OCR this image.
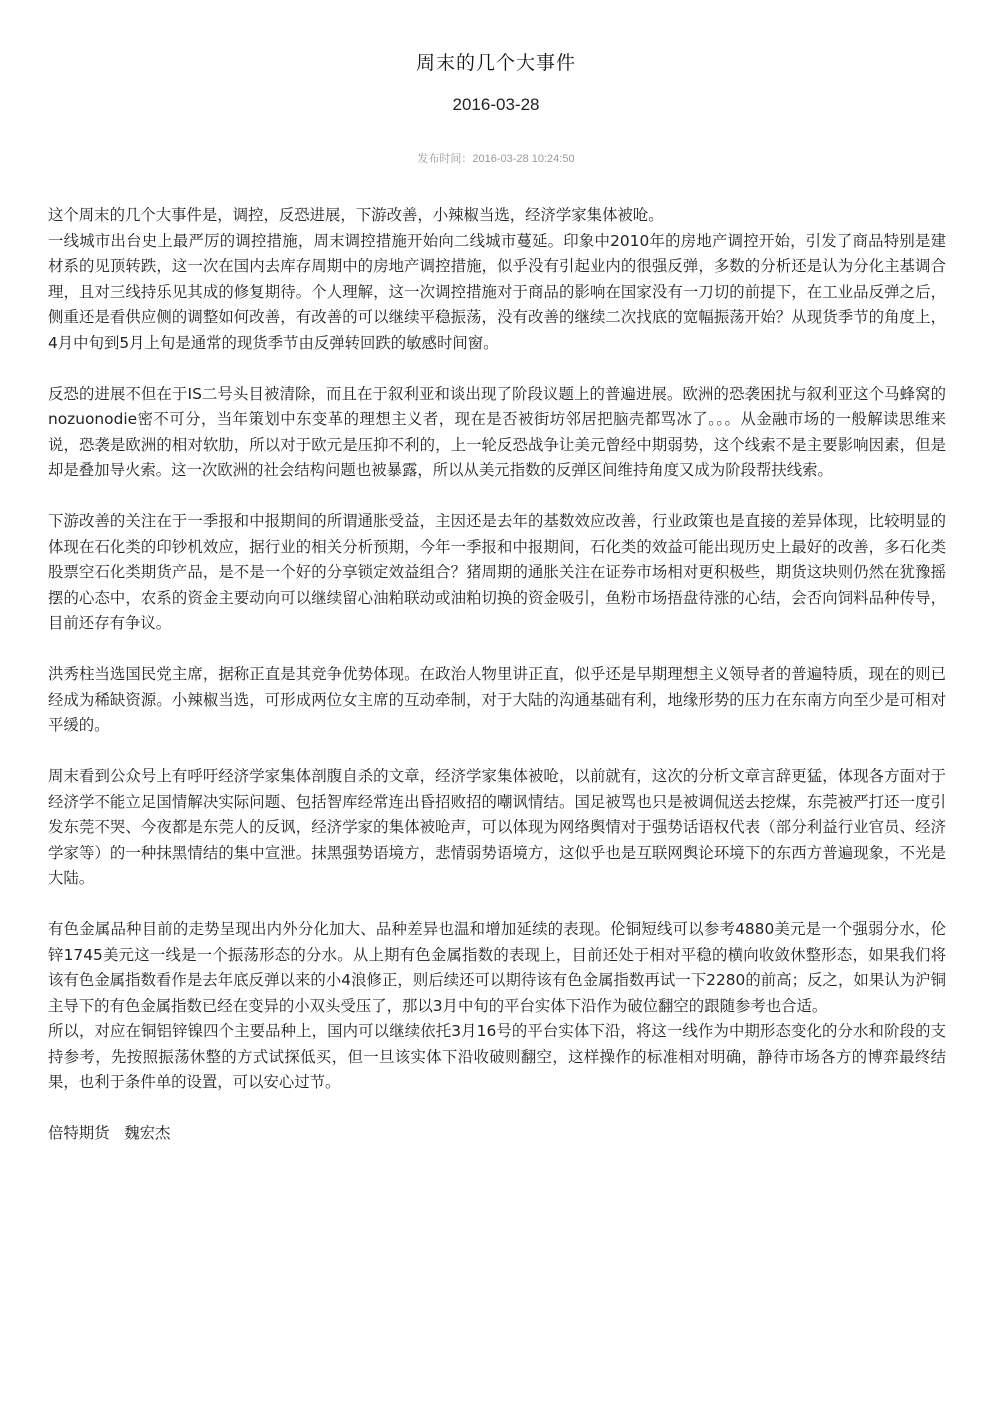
周末的几个大事件
2016-03-28
发布时间：2016-03-28 10:24:50

这个周末的几个大事件是，调控，反恐进展，下游改善，小辣椒当选，经济学家集体被呛。

一线城市出台史上最严厉的调控措施，周末调控措施开始向二线城市蔓延。印象中2010年的房地产调控开始，引发了商品特别是建材系的见顶转跌，这一次在国内去库存周期中的房地产调控措施，似乎没有引起业内的很强反弹，多数的分析还是认为分化主基调合理，且对三线持乐见其成的修复期待。个人理解，这一次调控措施对于商品的影响在国家没有一刀切的前提下，在工业品反弹之后，侧重还是看供应侧的调整如何改善，有改善的可以继续平稳振荡，没有改善的继续二次找底的宽幅振荡开始？从现货季节的角度上，4月中旬到5月上旬是通常的现货季节由反弹转回跌的敏感时间窗。

反恐的进展不但在于IS二号头目被清除，而且在于叙利亚和谈出现了阶段议题上的普遍进展。欧洲的恐袭困扰与叙利亚这个马蜂窝的nozuonodie密不可分，当年策划中东变革的理想主义者，现在是否被街坊邻居把脑壳都骂冰了。。。从金融市场的一般解读思维来说，恐袭是欧洲的相对软肋，所以对于欧元是压抑不利的，上一轮反恐战争让美元曾经中期弱势，这个线索不是主要影响因素，但是却是叠加导火索。这一次欧洲的社会结构问题也被暴露，所以从美元指数的反弹区间维持角度又成为阶段帮扶线索。

下游改善的关注在于一季报和中报期间的所谓通胀受益，主因还是去年的基数效应改善，行业政策也是直接的差异体现，比较明显的体现在石化类的印钞机效应，据行业的相关分析预期，今年一季报和中报期间，石化类的效益可能出现历史上最好的改善，多石化类股票空石化类期货产品，是不是一个好的分享锁定效益组合？猪周期的通胀关注在证券市场相对更积极些，期货这块则仍然在犹豫摇摆的心态中，农系的资金主要动向可以继续留心油粕联动或油粕切换的资金吸引，鱼粉市场捂盘待涨的心结，会否向饲料品种传导，目前还存有争议。

洪秀柱当选国民党主席，据称正直是其竞争优势体现。在政治人物里讲正直，似乎还是早期理想主义领导者的普遍特质，现在的则已经成为稀缺资源。小辣椒当选，可形成两位女主席的互动牵制，对于大陆的沟通基础有利，地缘形势的压力在东南方向至少是可相对平缓的。

周末看到公众号上有呼吁经济学家集体剖腹自杀的文章，经济学家集体被呛，以前就有，这次的分析文章言辞更猛，体现各方面对于经济学不能立足国情解决实际问题、包括智库经常连出昏招败招的嘲讽情结。国足被骂也只是被调侃送去挖煤，东莞被严打还一度引发东莞不哭、今夜都是东莞人的反讽，经济学家的集体被呛声，可以体现为网络舆情对于强势话语权代表（部分利益行业官员、经济学家等）的一种抹黑情结的集中宣泄。抹黑强势语境方，悲情弱势语境方，这似乎也是互联网舆论环境下的东西方普遍现象，不光是大陆。

有色金属品种目前的走势呈现出内外分化加大、品种差异也温和增加延续的表现。伦铜短线可以参考4880美元是一个强弱分水，伦锌1745美元这一线是一个振荡形态的分水。从上期有色金属指数的表现上，目前还处于相对平稳的横向收敛休整形态，如果我们将该有色金属指数看作是去年底反弹以来的小4浪修正，则后续还可以期待该有色金属指数再试一下2280的前高；反之，如果认为沪铜主导下的有色金属指数已经在变异的小双头受压了，那以3月中旬的平台实体下沿作为破位翻空的跟随参考也合适。

所以，对应在铜铝锌镍四个主要品种上，国内可以继续依托3月16号的平台实体下沿，将这一线作为中期形态变化的分水和阶段的支持参考，先按照振荡休整的方式试探低买，但一旦该实体下沿收破则翻空，这样操作的标准相对明确，静待市场各方的博弈最终结果，也利于条件单的设置，可以安心过节。

倍特期货   魏宏杰
